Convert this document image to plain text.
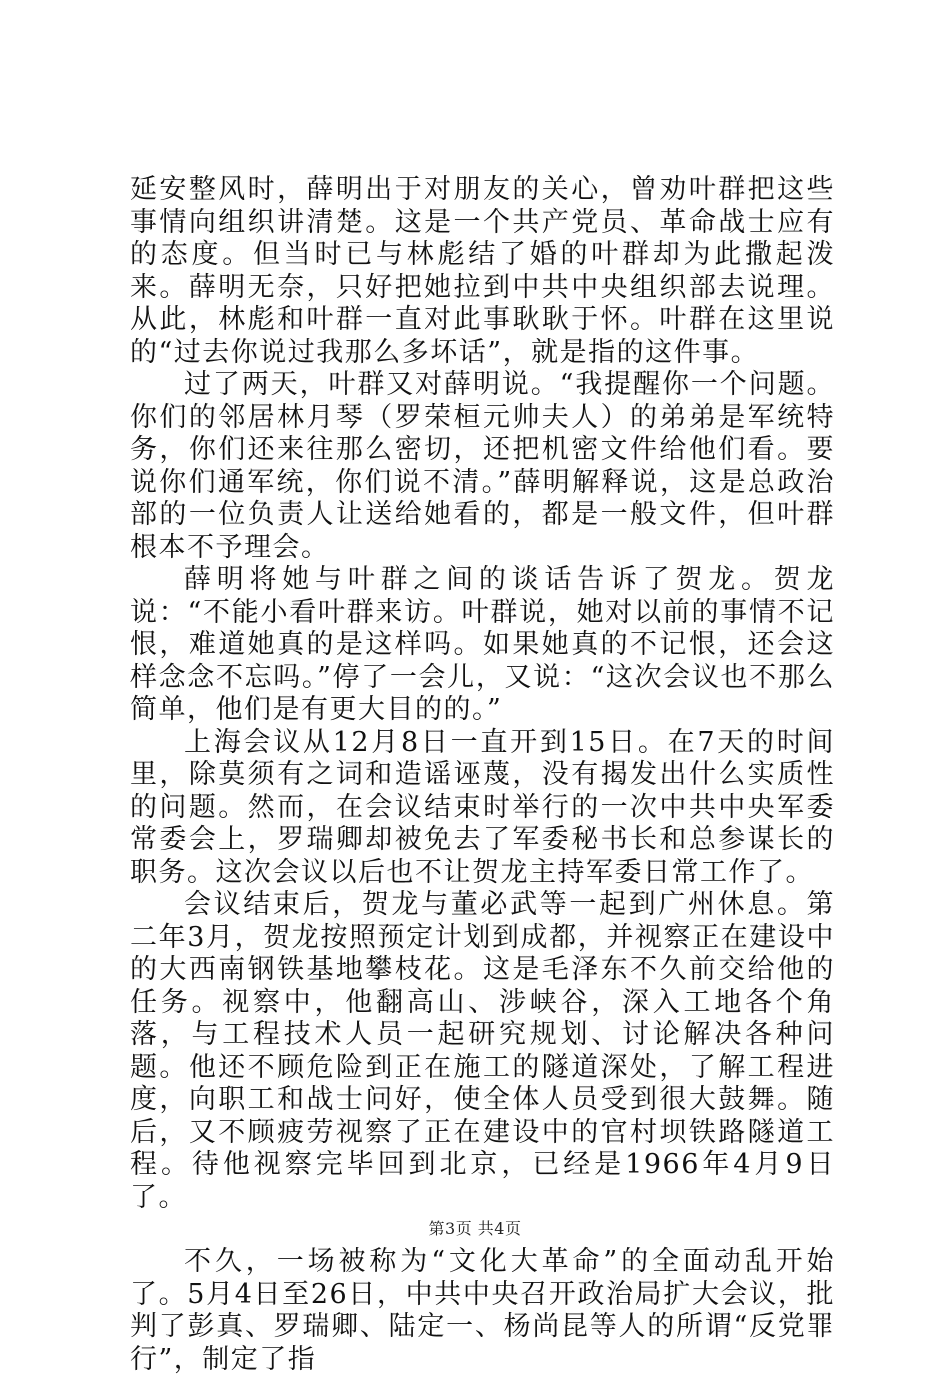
延安整风时，薛明出于对朋友的关心，曾劝叶群把这些事情向组织讲清楚。这是一个共产党员、革命战士应有的态度。但当时已与林彪结了婚的叶群却为此撒起泼来。薛明无奈，只好把她拉到中共中央组织部去说理。从此，林彪和叶群一直对此事耿耿于怀。叶群在这里说的“过去你说过我那么多坏话”，就是指的这件事。

过了两天，叶群又对薛明说。“我提醒你一个问题。你们的邻居林月琴（罗荣桓元帅夫人）的弟弟是军统特务，你们还来往那么密切，还把机密文件给他们看。要说你们通军统，你们说不清。”薛明解释说，这是总政治部的一位负责人让送给她看的，都是一般文件，但叶群根本不予理会。

薛明将她与叶群之间的谈话告诉了贺龙。贺龙说：“不能小看叶群来访。叶群说，她对以前的事情不记恨，难道她真的是这样吗。如果她真的不记恨，还会这样念念不忘吗。”停了一会儿，又说：“这次会议也不那么简单，他们是有更大目的的。”

上海会议从12月8日一直开到15日。在7天的时间里，除莫须有之词和造谣诬蔑，没有揭发出什么实质性的问题。然而，在会议结束时举行的一次中共中央军委常委会上，罗瑞卿却被免去了军委秘书长和总参谋长的职务。这次会议以后也不让贺龙主持军委日常工作了。

会议结束后，贺龙与董必武等一起到广州休息。第二年3月，贺龙按照预定计划到成都，并视察正在建设中的大西南钢铁基地攀枝花。这是毛泽东不久前交给他的任务。视察中，他翻高山、涉峡谷，深入工地各个角落，与工程技术人员一起研究规划、讨论解决各种问题。他还不顾危险到正在施工的隧道深处，了解工程进度，向职工和战士问好，使全体人员受到很大鼓舞。随后，又不顾疲劳视察了正在建设中的官村坝铁路隧道工程。待他视察完毕回到北京，已经是1966年4月9日了。

不久，一场被称为“文化大革命”的全面动乱开始了。5月4日至26日，中共中央召开政治局扩大会议，批判了彭真、罗瑞卿、陆定一、杨尚昆等人的所谓“反党罪行”，制定了指

第3页 共4页
